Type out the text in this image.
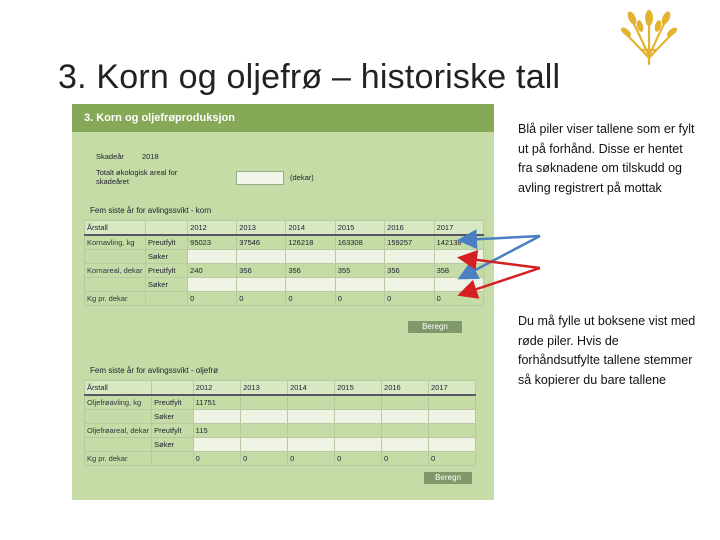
3. Korn og oljefrø – historiske tall
3. Korn og oljefrøproduksjon
Skadeår 2018
Totalt økologisk areal for
skadeåret	(dekar)
Fem siste år for avlingssvikt - korn
Årstall		2012	2013	2014	2015	2016	2017
Kornavling, kg	Preutfylt	95023	37546	126218	163308	159257	142138
	Søker						
Kornareal, dekar	Preutfylt	240	356	356	355	356	358
	Søker						
Kg pr. dekar		0	0	0	0	0	0
Beregn
Fem siste år for avlingssvikt - oljefrø
Årstall		2012	2013	2014	2015	2016	2017
Oljefrøavling, kg	Preutfylt	11751					
	Søker						
Oljefrøareal, dekar	Preutfylt	115					
	Søker						
Kg pr. dekar		0	0	0	0	0	0
Beregn
Blå piler viser tallene som er fylt ut på forhånd. Disse er hentet fra søknadene om tilskudd og avling registrert på mottak
Du må fylle ut boksene vist med røde piler. Hvis de forhåndsutfylte tallene stemmer så kopierer du bare tallene
